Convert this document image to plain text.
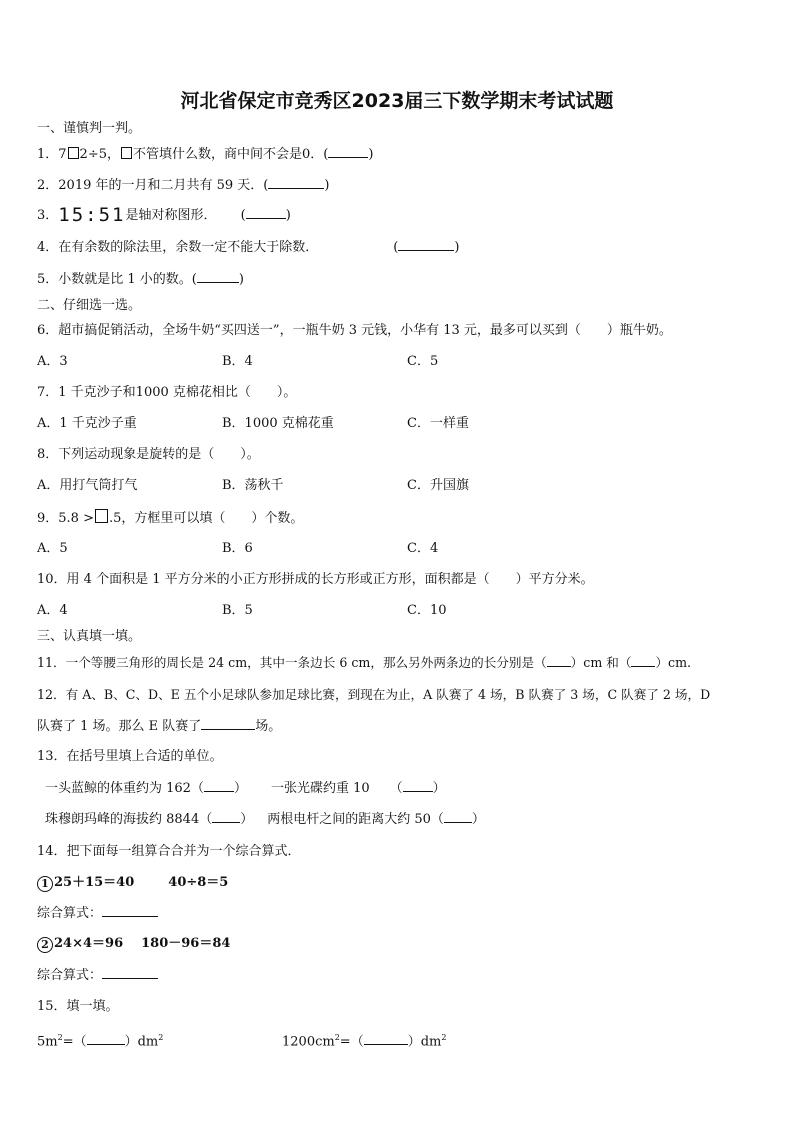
河北省保定市竞秀区2023届三下数学期末考试试题
一、谨慎判一判。
1．7 2÷5， 不管填什么数，商中间不会是0．(	)
2．2019 年的一月和二月共有 59 天．(	)
3．15:51是轴对称图形． (	)
4．在有余数的除法里，余数一定不能大于除数．	(	)
5．小数就是比 1 小的数。(	)
二、仔细选一选。
6．超市搞促销活动，全场牛奶“买四送一”，一瓶牛奶 3 元钱，小华有 13 元，最多可以买到（　　）瓶牛奶。
A．3	B．4	C．5
7．1 千克沙子和1000 克棉花相比（　　）。
A．1 千克沙子重	B．1000 克棉花重	C．一样重
8．下列运动现象是旋转的是（　　）。
A．用打气筒打气	B．荡秋千	C．升国旗
9．5.8 > .5，方框里可以填（　　）个数。
A．5	B．6	C．4
10．用 4 个面积是 1 平方分米的小正方形拼成的长方形或正方形，面积都是（　　）平方分米。
A．4	B．5	C．10
三、认真填一填。
11．一个等腰三角形的周长是 24 cm，其中一条边长 6 cm，那么另外两条边的长分别是（ ）cm 和（ ）cm.
12．有 A、B、C、D、E 五个小足球队参加足球比赛，到现在为止，A 队赛了 4 场，B 队赛了 3 场，C 队赛了 2 场，D
队赛了 1 场。那么 E 队赛了	场。
13．在括号里填上合适的单位。
一头蓝鲸的体重约为 162（ ） 一张光碟约重 10 （ ）
珠穆朗玛峰的海拔约 8844（ ） 两根电杆之间的距离大约 50（ ）
14．把下面每一组算合合并为一个综合算式．
1 25＋15＝40	40÷8＝5
综合算式：
2 24×4＝96 180－96＝84
综合算式：
15．填一填。
$5m^2=$（	）$dm^2$	$1200cm^2=$（	）$dm^2$
